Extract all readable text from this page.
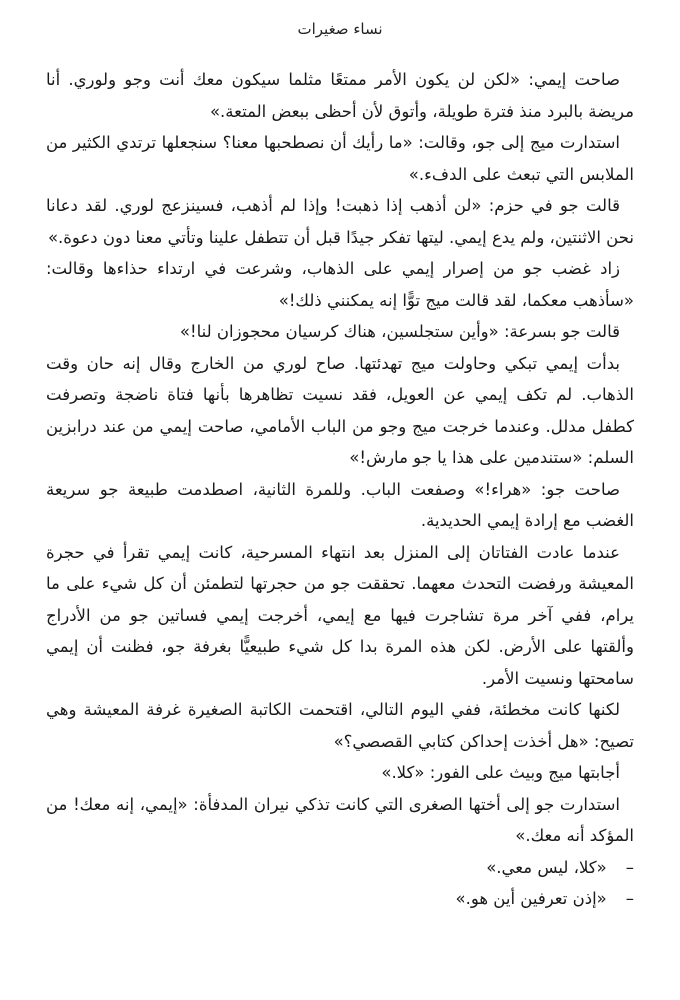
نساء صغيرات

صاحت إيمي: «لكن لن يكون الأمر ممتعًا مثلما سيكون معك أنت وجو ولوري. أنا مريضة بالبرد منذ فترة طويلة، وأتوق لأن أحظى ببعض المتعة.»

استدارت ميج إلى جو، وقالت: «ما رأيك أن نصطحبها معنا؟ سنجعلها ترتدي الكثير من الملابس التي تبعث على الدفء.»

قالت جو في حزم: «لن أذهب إذا ذهبت! وإذا لم أذهب، فسينزعج لوري. لقد دعانا نحن الاثنتين، ولم يدع إيمي. ليتها تفكر جيدًا قبل أن تتطفل علينا وتأتي معنا دون دعوة.»

زاد غضب جو من إصرار إيمي على الذهاب، وشرعت في ارتداء حذاءها وقالت: «سأذهب معكما، لقد قالت ميج توًّا إنه يمكنني ذلك!»

قالت جو بسرعة: «وأين ستجلسين، هناك كرسيان محجوزان لنا!»

بدأت إيمي تبكي وحاولت ميج تهدئتها. صاح لوري من الخارج وقال إنه حان وقت الذهاب. لم تكف إيمي عن العويل، فقد نسيت تظاهرها بأنها فتاة ناضجة وتصرفت كطفل مدلل. وعندما خرجت ميج وجو من الباب الأمامي، صاحت إيمي من عند درابزين السلم: «ستندمين على هذا يا جو مارش!»

صاحت جو: «هراء!» وصفعت الباب. وللمرة الثانية، اصطدمت طبيعة جو سريعة الغضب مع إرادة إيمي الحديدية.

عندما عادت الفتاتان إلى المنزل بعد انتهاء المسرحية، كانت إيمي تقرأ في حجرة المعيشة ورفضت التحدث معهما. تحققت جو من حجرتها لتطمئن أن كل شيء على ما يرام، ففي آخر مرة تشاجرت فيها مع إيمي، أخرجت إيمي فساتين جو من الأدراج وألقتها على الأرض. لكن هذه المرة بدا كل شيء طبيعيًّا بغرفة جو، فظنت أن إيمي سامحتها ونسيت الأمر.

لكنها كانت مخطئة، ففي اليوم التالي، اقتحمت الكاتبة الصغيرة غرفة المعيشة وهي تصيح: «هل أخذت إحداكن كتابي القصصي؟»

أجابتها ميج وبيث على الفور: «كلا.»

استدارت جو إلى أختها الصغرى التي كانت تذكي نيران المدفأة: «إيمي، إنه معك! من المؤكد أنه معك.»

– «كلا، ليس معي.»

– «إذن تعرفين أين هو.»
